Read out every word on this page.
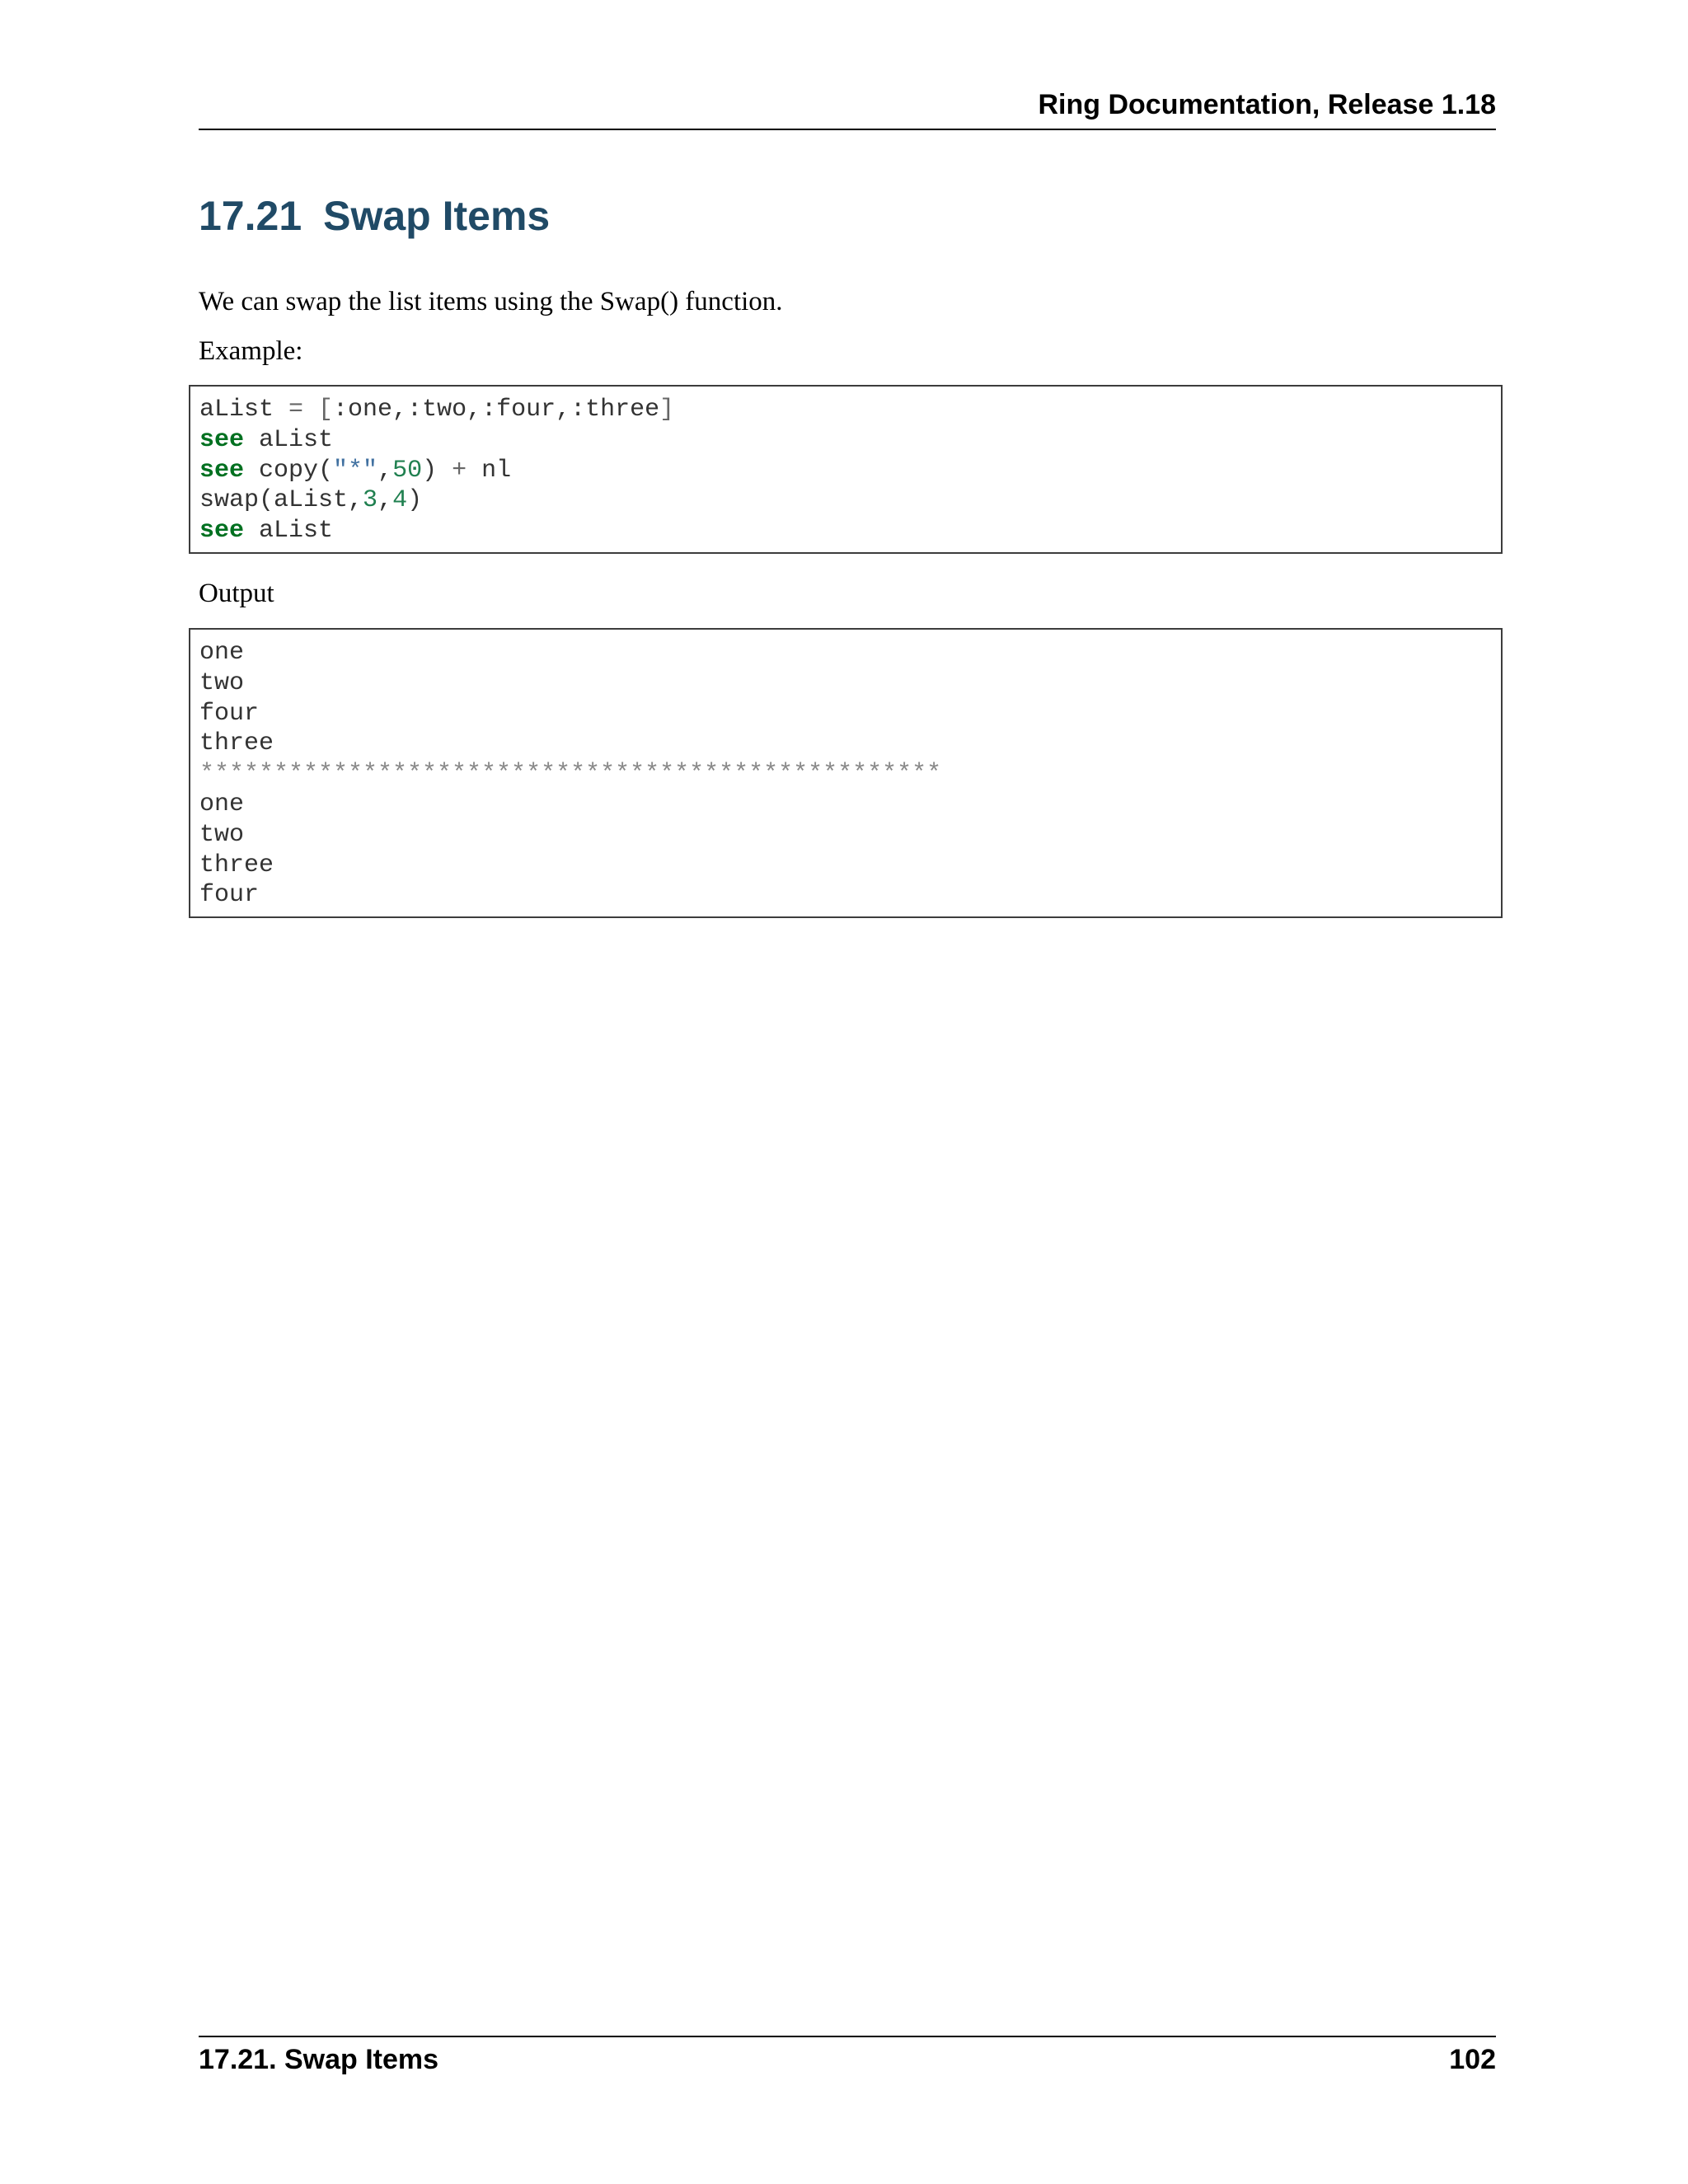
Ring Documentation, Release 1.18
17.21 Swap Items

We can swap the list items using the Swap() function.

Example:

aList = [:one,:two,:four,:three]
see aList
see copy("*",50) + nl
swap(aList,3,4)
see aList

Output

one
two
four
three
**************************************************
one
two
three
four
17.21. Swap Items	102
